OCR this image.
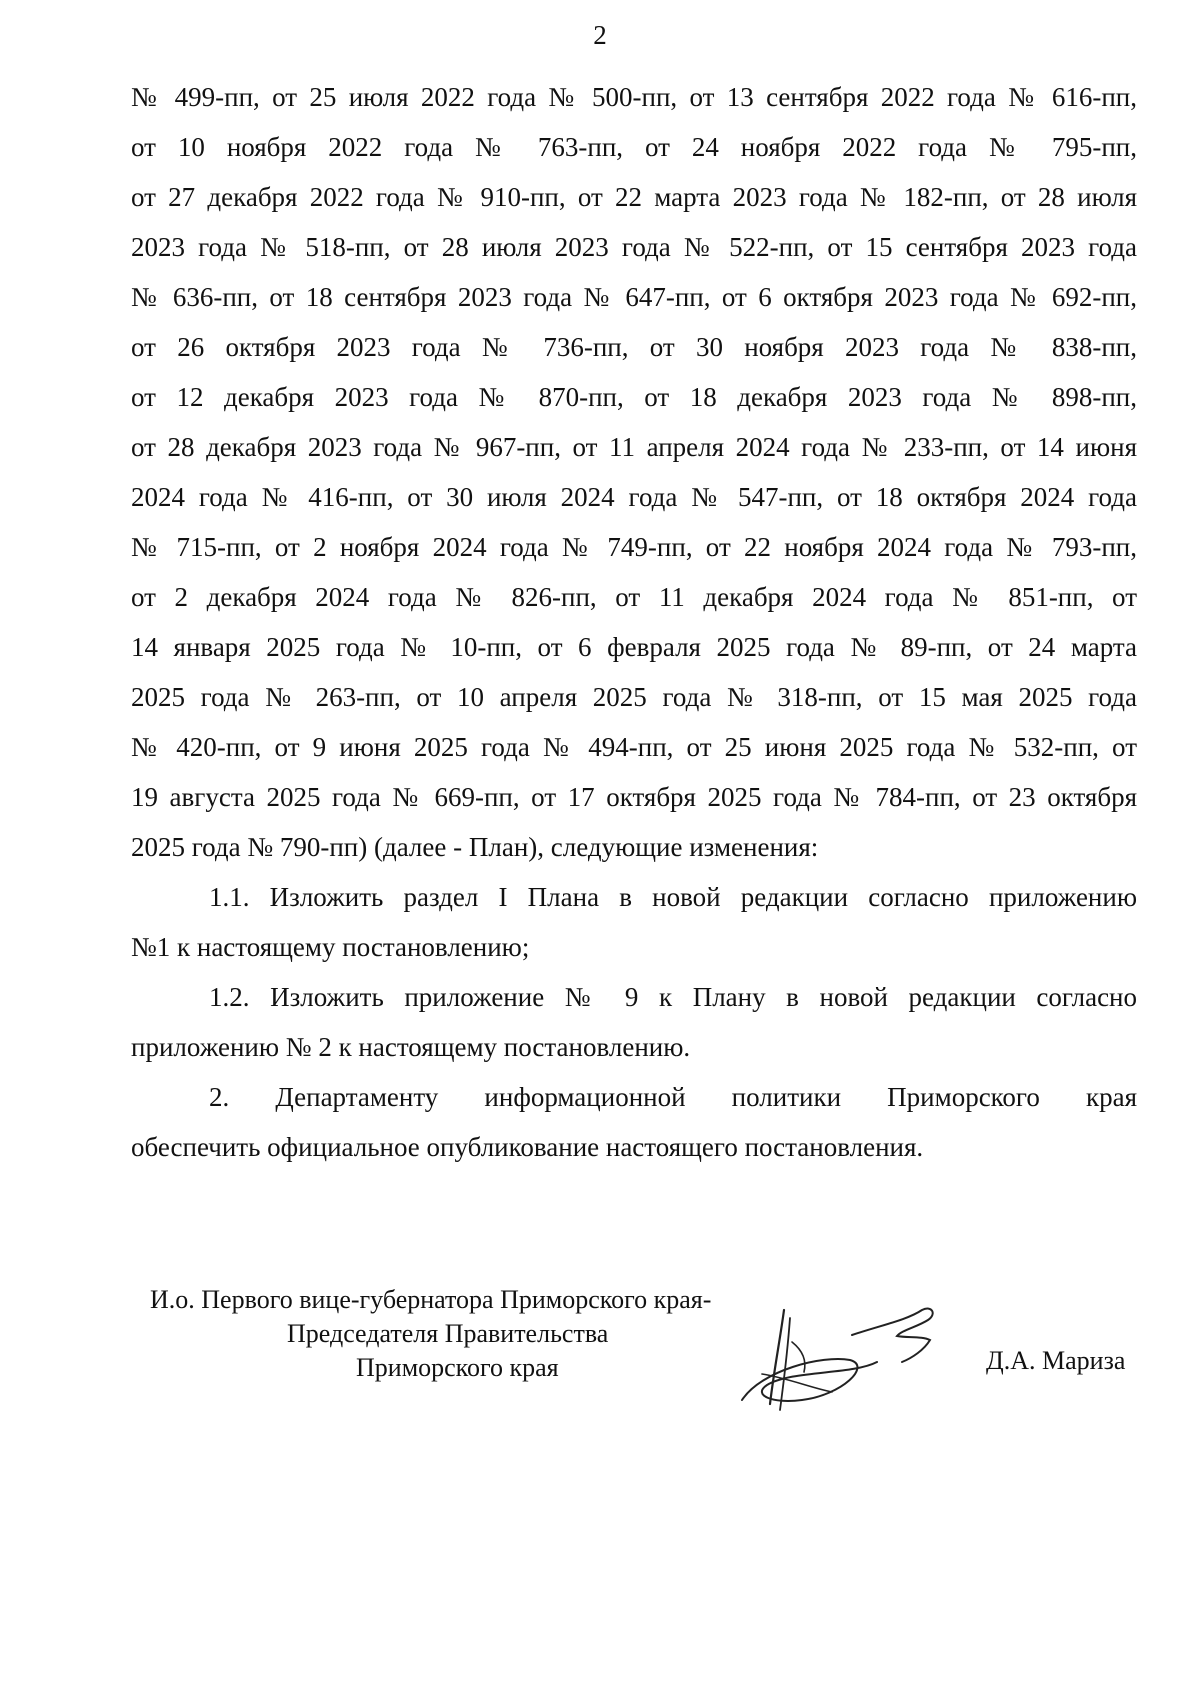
2
№ 499-пп, от 25 июля 2022 года № 500-пп, от 13 сентября 2022 года № 616-пп,
от 10 ноября 2022 года № 763-пп, от 24 ноября 2022 года № 795-пп,
от 27 декабря 2022 года № 910-пп, от 22 марта 2023 года № 182-пп, от 28 июля
2023 года № 518-пп, от 28 июля 2023 года № 522-пп, от 15 сентября 2023 года
№ 636-пп, от 18 сентября 2023 года № 647-пп, от 6 октября 2023 года № 692-пп,
от 26 октября 2023 года № 736-пп, от 30 ноября 2023 года № 838-пп,
от 12 декабря 2023 года № 870-пп, от 18 декабря 2023 года № 898-пп,
от 28 декабря 2023 года № 967-пп, от 11 апреля 2024 года № 233-пп, от 14 июня
2024 года № 416-пп, от 30 июля 2024 года № 547-пп, от 18 октября 2024 года
№ 715-пп, от 2 ноября 2024 года № 749-пп, от 22 ноября 2024 года № 793-пп,
от 2 декабря 2024 года № 826-пп, от 11 декабря 2024 года № 851-пп, от
14 января 2025 года № 10-пп, от 6 февраля 2025 года № 89-пп, от 24 марта
2025 года № 263-пп, от 10 апреля 2025 года № 318-пп, от 15 мая 2025 года
№ 420-пп, от 9 июня 2025 года № 494-пп, от 25 июня 2025 года № 532-пп, от
19 августа 2025 года № 669-пп, от 17 октября 2025 года № 784-пп, от 23 октября
2025 года № 790-пп) (далее - План), следующие изменения:
1.1. Изложить раздел I Плана в новой редакции согласно приложению
№1 к настоящему постановлению;
1.2. Изложить приложение № 9 к Плану в новой редакции согласно
приложению № 2 к настоящему постановлению.
2. Департаменту информационной политики Приморского края
обеспечить официальное опубликование настоящего постановления.
И.о. Первого вице-губернатора Приморского края-
Председателя Правительства
Приморского края	Д.А. Мариза
